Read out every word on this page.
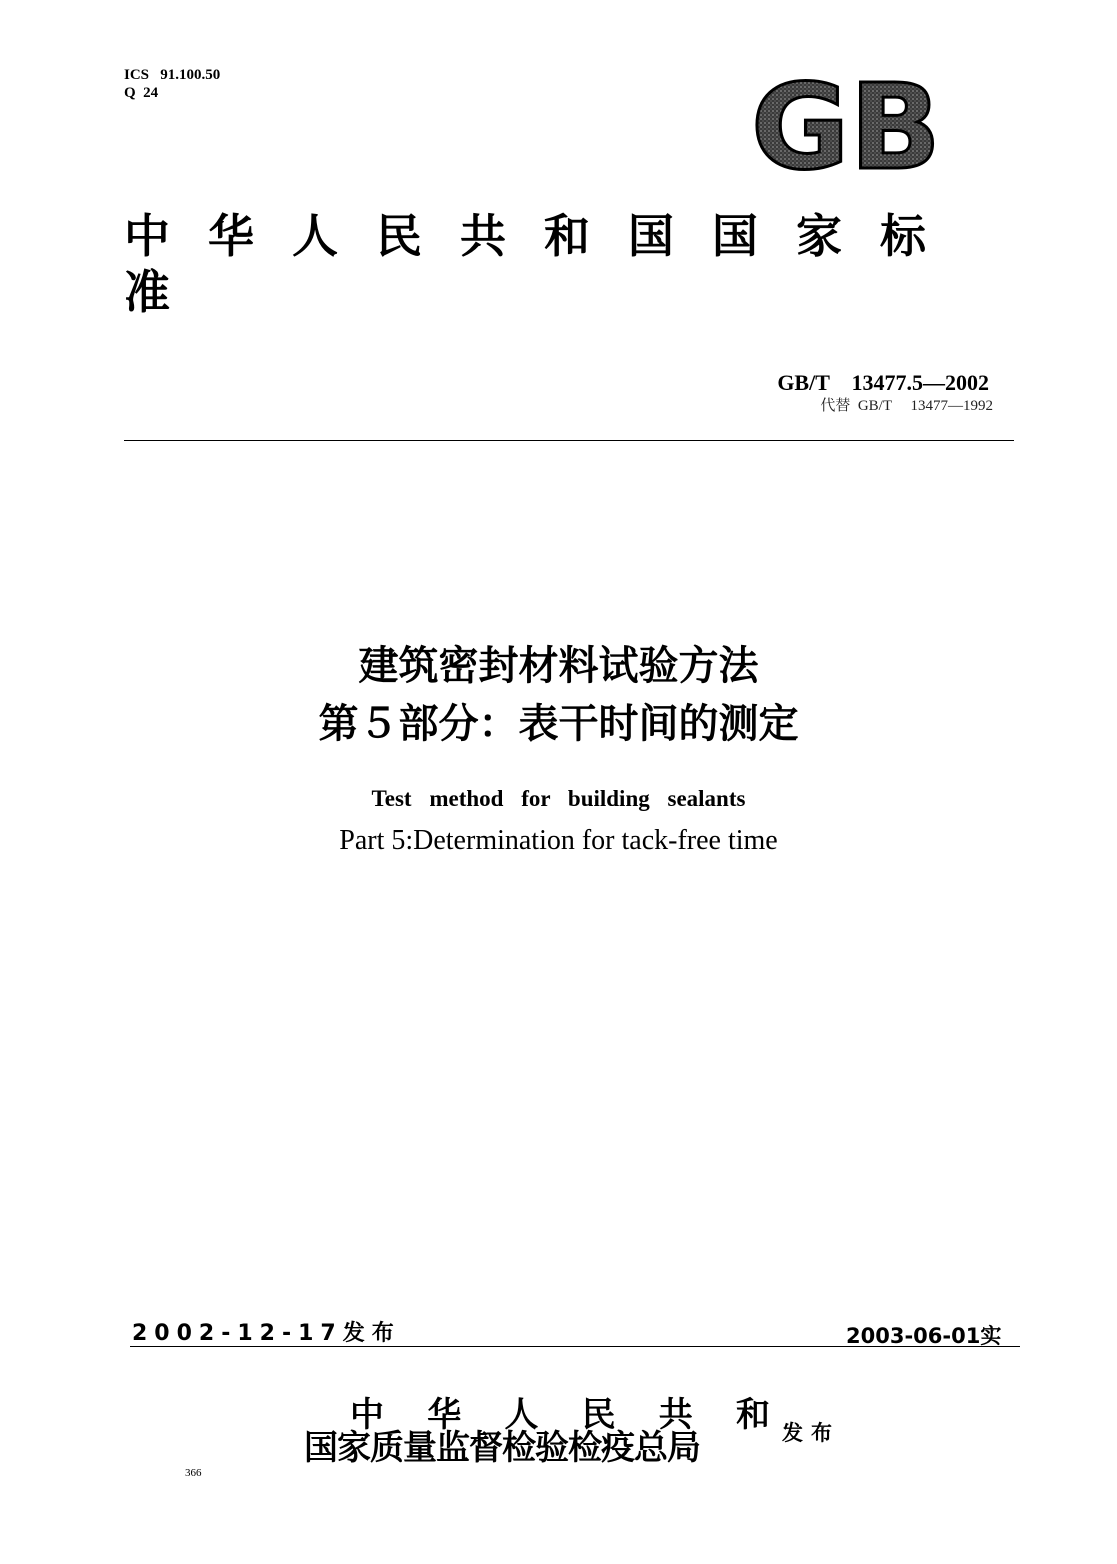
ICS   91.100.50
Q  24	GB
中华人民共和国国家标准
GB/T    13477.5—2002
代替  GB/T     13477—1992
建筑密封材料试验方法
第５部分：表干时间的测定
Test method for building sealants
Part 5:Determination for tack-free time
2002-12-17发布	2003-06-01实
中 华 人 民 共 和
国家质量监督检验检疫总局	发布
366
